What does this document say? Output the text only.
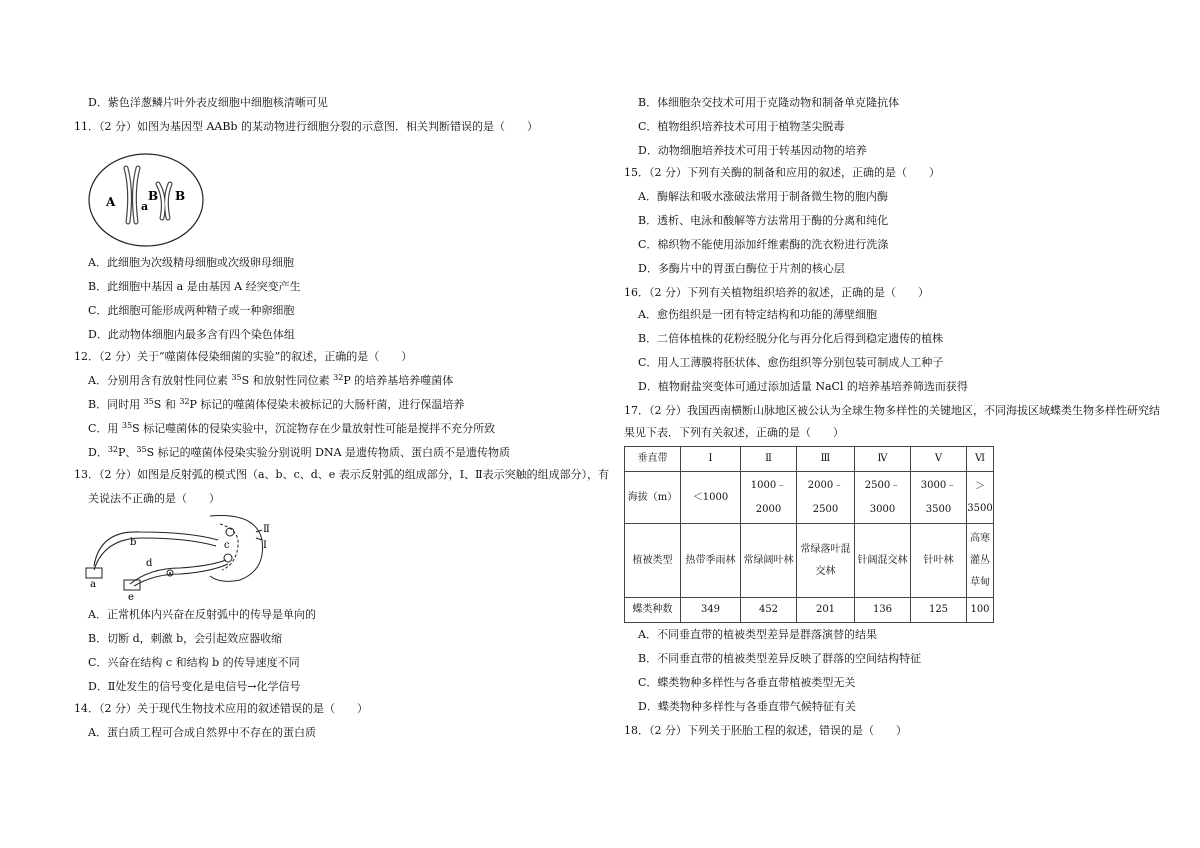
D．紫色洋葱鳞片叶外表皮细胞中细胞核清晰可见
11．（2 分）如图为基因型 AABb 的某动物进行细胞分裂的示意图．相关判断错误的是（　　）
A a
B B
A．此细胞为次级精母细胞或次级卵母细胞
B．此细胞中基因 a 是由基因 A 经突变产生
C．此细胞可能形成两种精子或一种卵细胞
D．此动物体细胞内最多含有四个染色体组
12．（2 分）关于“噬菌体侵染细菌的实验”的叙述，正确的是（　　）
A．分别用含有放射性同位素 $^{35}$S 和放射性同位素 $^{32}$P 的培养基培养噬菌体
B．同时用 $^{35}$S 和 $^{32}$P 标记的噬菌体侵染未被标记的大肠杆菌，进行保温培养
C．用 $^{35}$S 标记噬菌体的侵染实验中，沉淀物存在少量放射性可能是搅拌不充分所致
D．$^{32}$P、$^{35}$S 标记的噬菌体侵染实验分别说明 DNA 是遗传物质、蛋白质不是遗传物质
13．（2 分）如图是反射弧的模式图（a、b、c、d、e 表示反射弧的组成部分，Ⅰ、Ⅱ表示突触的组成部分），有
关说法不正确的是（　　）
a
b	c
d
e
Ⅱ
Ⅰ
A．正常机体内兴奋在反射弧中的传导是单向的
B．切断 d，刺激 b，会引起效应器收缩
C．兴奋在结构 c 和结构 b 的传导速度不同
D．Ⅱ处发生的信号变化是电信号→化学信号
14．（2 分）关于现代生物技术应用的叙述错误的是（　　）
A．蛋白质工程可合成自然界中不存在的蛋白质
B．体细胞杂交技术可用于克隆动物和制备单克隆抗体
C．植物组织培养技术可用于植物茎尖脱毒
D．动物细胞培养技术可用于转基因动物的培养
15．（2 分）下列有关酶的制备和应用的叙述，正确的是（　　）
A．酶解法和吸水涨破法常用于制备微生物的胞内酶
B．透析、电泳和酸解等方法常用于酶的分离和纯化
C．棉织物不能使用添加纤维素酶的洗衣粉进行洗涤
D．多酶片中的胃蛋白酶位于片剂的核心层
16．（2 分）下列有关植物组织培养的叙述，正确的是（　　）
A．愈伤组织是一团有特定结构和功能的薄壁细胞
B．二倍体植株的花粉经脱分化与再分化后得到稳定遗传的植株
C．用人工薄膜将胚状体、愈伤组织等分别包装可制成人工种子
D．植物耐盐突变体可通过添加适量 NaCl 的培养基培养筛选而获得
17．（2 分）我国西南横断山脉地区被公认为全球生物多样性的关键地区，不同海拔区域蝶类生物多样性研究结
果见下表．下列有关叙述，正确的是（　　）
垂直带	Ⅰ	Ⅱ	Ⅲ	Ⅳ	Ⅴ	Ⅵ
海拔（m）	＜1000	1000﹣2000	2000﹣2500	2500﹣3000	3000﹣3500	＞3500
植被类型	热带季雨林	常绿阔叶林	常绿落叶混交林	针阔混交林	针叶林	高寒灌丛草甸
蝶类种数	349	452	201	136	125	100
A．不同垂直带的植被类型差异是群落演替的结果
B．不同垂直带的植被类型差异反映了群落的空间结构特征
C．蝶类物种多样性与各垂直带植被类型无关
D．蝶类物种多样性与各垂直带气候特征有关
18．（2 分）下列关于胚胎工程的叙述，错误的是（　　）
